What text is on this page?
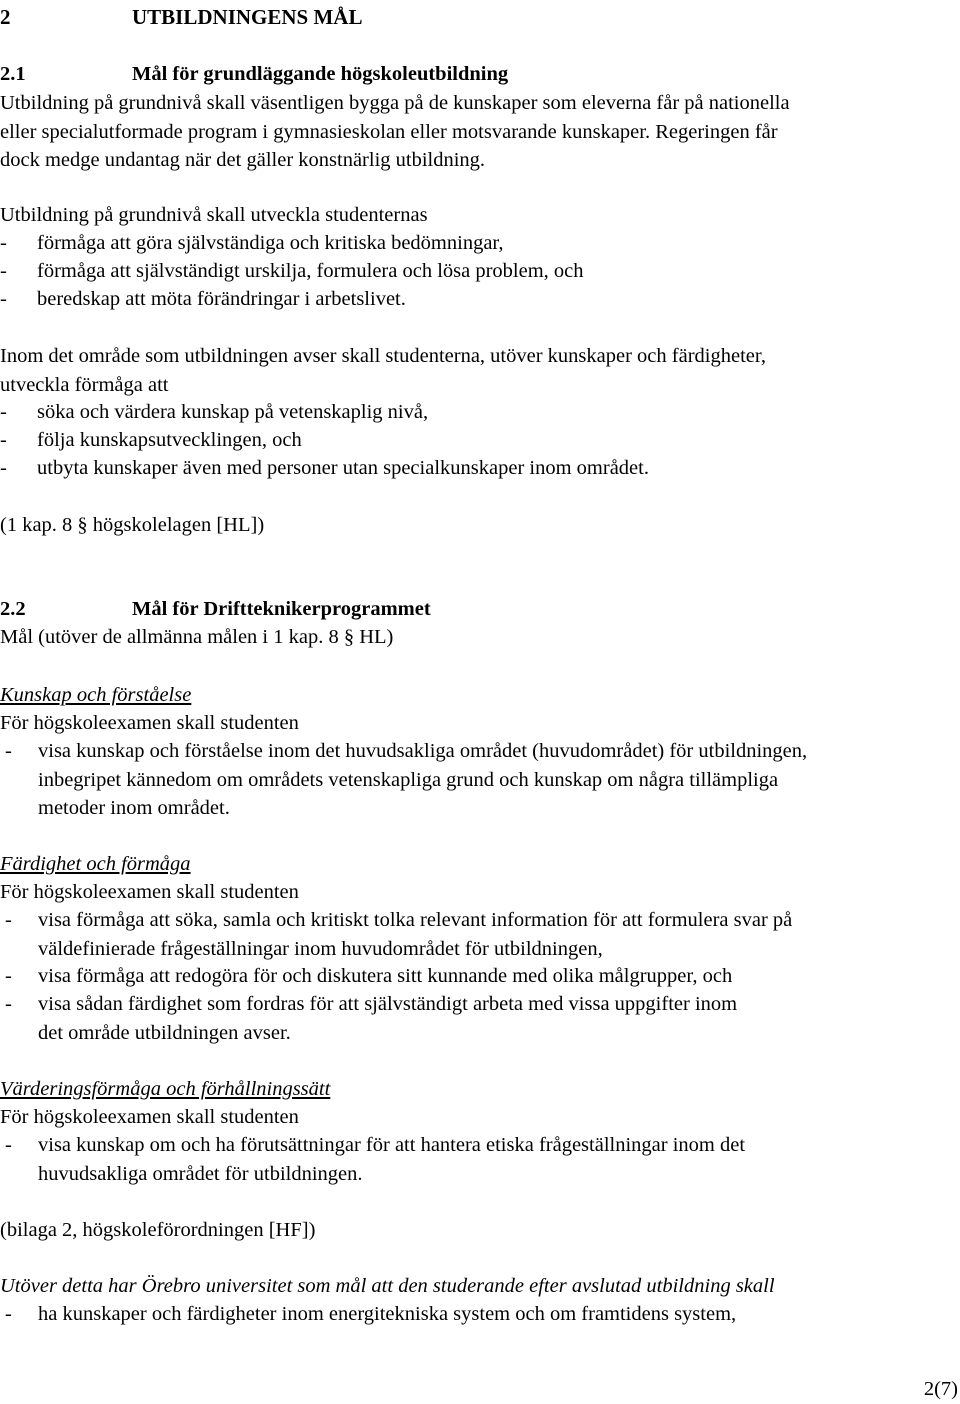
2	UTBILDNINGENS MÅL
2.1	Mål för grundläggande högskoleutbildning
Utbildning på grundnivå skall väsentligen bygga på de kunskaper som eleverna får på nationella
eller specialutformade program i gymnasieskolan eller motsvarande kunskaper. Regeringen får
dock medge undantag när det gäller konstnärlig utbildning.
Utbildning på grundnivå skall utveckla studenternas
- förmåga att göra självständiga och kritiska bedömningar,
- förmåga att självständigt urskilja, formulera och lösa problem, och
- beredskap att möta förändringar i arbetslivet.
Inom det område som utbildningen avser skall studenterna, utöver kunskaper och färdigheter,
utveckla förmåga att
- söka och värdera kunskap på vetenskaplig nivå,
- följa kunskapsutvecklingen, och
- utbyta kunskaper även med personer utan specialkunskaper inom området.
(1 kap. 8 § högskolelagen [HL])
2.2	Mål för Driftteknikerprogrammet
Mål (utöver de allmänna målen i 1 kap. 8 § HL)
Kunskap och förståelse
För högskoleexamen skall studenten
- visa kunskap och förståelse inom det huvudsakliga området (huvudområdet) för utbildningen,
inbegripet kännedom om områdets vetenskapliga grund och kunskap om några tillämpliga
metoder inom området.
Färdighet och förmåga
För högskoleexamen skall studenten
- visa förmåga att söka, samla och kritiskt tolka relevant information för att formulera svar på
väldefinierade frågeställningar inom huvudområdet för utbildningen,
- visa förmåga att redogöra för och diskutera sitt kunnande med olika målgrupper, och
- visa sådan färdighet som fordras för att självständigt arbeta med vissa uppgifter inom
det område utbildningen avser.
Värderingsförmåga och förhållningssätt
För högskoleexamen skall studenten
- visa kunskap om och ha förutsättningar för att hantera etiska frågeställningar inom det
huvudsakliga området för utbildningen.
(bilaga 2, högskoleförordningen [HF])
Utöver detta har Örebro universitet som mål att den studerande efter avslutad utbildning skall
- ha kunskaper och färdigheter inom energitekniska system och om framtidens system,
2(7)
